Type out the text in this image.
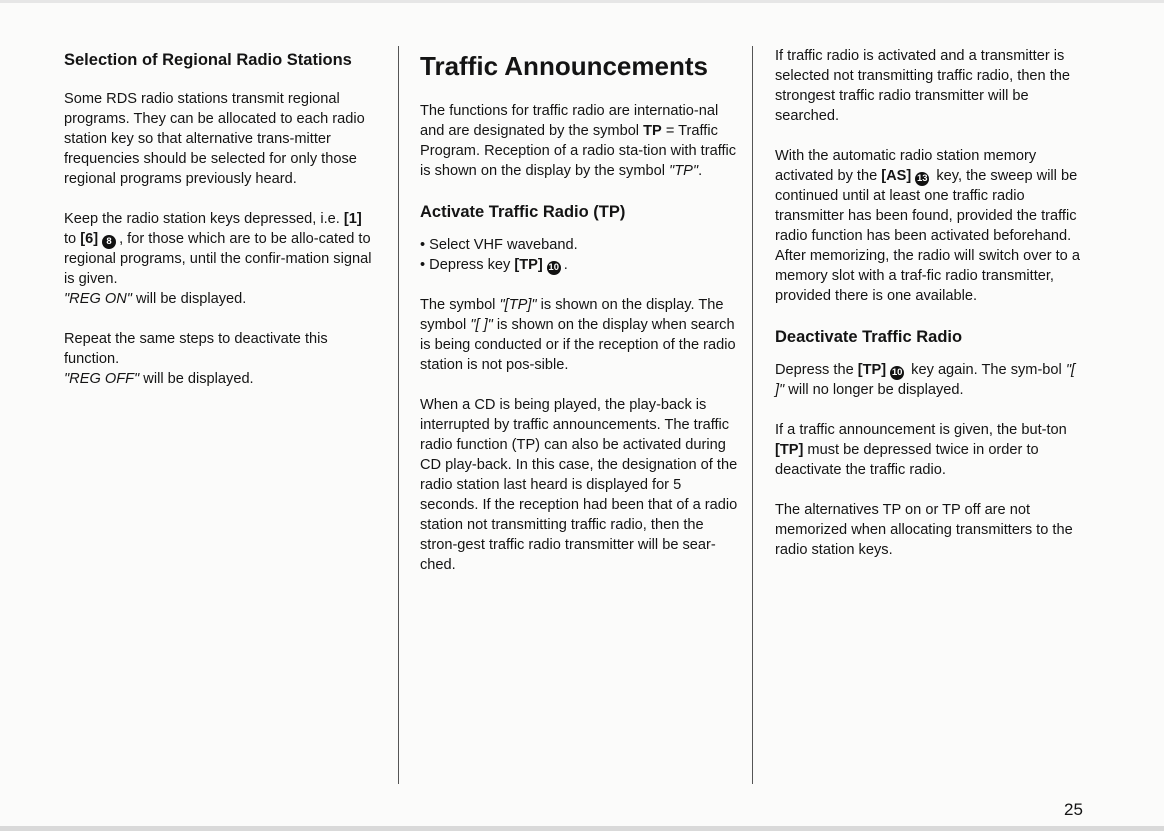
Selection of Regional Radio Stations

Some RDS radio stations transmit regional programs. They can be allocated to each radio station key so that alternative trans-mitter frequencies should be selected for only those regional programs previously heard.

Keep the radio station keys depressed, i.e. [1] to [6] 8 , for those which are to be allo-cated to regional programs, until the confir-mation signal is given.

"REG ON" will be displayed.

Repeat the same steps to deactivate this function.

"REG OFF" will be displayed.

Traffic Announcements

The functions for traffic radio are internatio-nal and are designated by the symbol TP = Traffic Program. Reception of a radio sta-tion with traffic is shown on the display by the symbol "TP".

Activate Traffic Radio (TP)
• Select VHF waveband.
• Depress key [TP] 10 .

The symbol "[TP]" is shown on the display. The symbol "[ ]" is shown on the display when search is being conducted or if the reception of the radio station is not pos-sible.

When a CD is being played, the play-back is interrupted by traffic announcements. The traffic radio function (TP) can also be activated during CD play-back. In this case, the designation of the radio station last heard is displayed for 5 seconds. If the reception had been that of a radio station not transmitting traffic radio, then the stron-gest traffic radio transmitter will be sear-ched.

If traffic radio is activated and a transmitter is selected not transmitting traffic radio, then the strongest traffic radio transmitter will be searched.

With the automatic radio station memory activated by the [AS] 13 key, the sweep will be continued until at least one traffic radio transmitter has been found, provided the traffic radio function has been activated beforehand. After memorizing, the radio will switch over to a memory slot with a traf-fic radio transmitter, provided there is one available.

Deactivate Traffic Radio

Depress the [TP] 10 key again. The sym-bol "[ ]" will no longer be displayed.

If a traffic announcement is given, the but-ton [TP] must be depressed twice in order to deactivate the traffic radio.

The alternatives TP on or TP off are not memorized when allocating transmitters to the radio station keys.

25
